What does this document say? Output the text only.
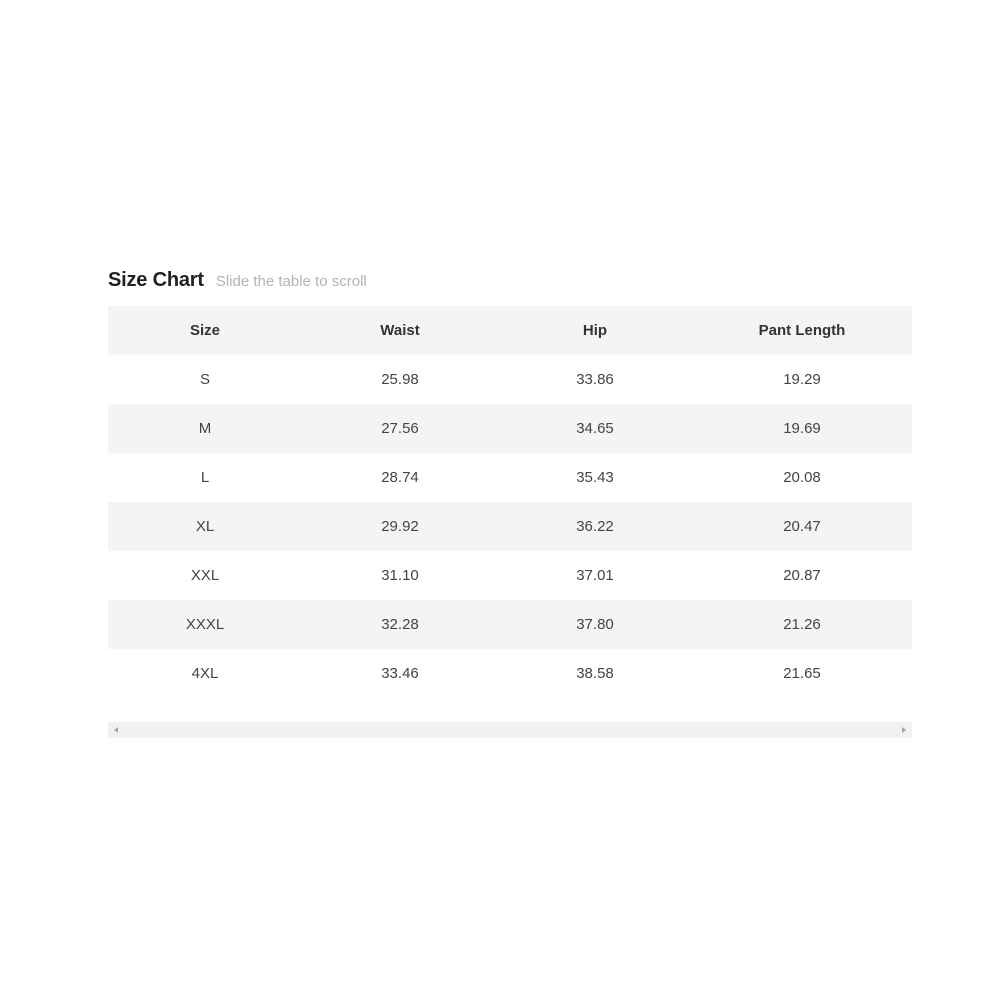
Size Chart Slide the table to scroll
Size	Waist	Hip	Pant Length
S	25.98	33.86	19.29
M	27.56	34.65	19.69
L	28.74	35.43	20.08
XL	29.92	36.22	20.47
XXL	31.10	37.01	20.87
XXXL	32.28	37.80	21.26
4XL	33.46	38.58	21.65
